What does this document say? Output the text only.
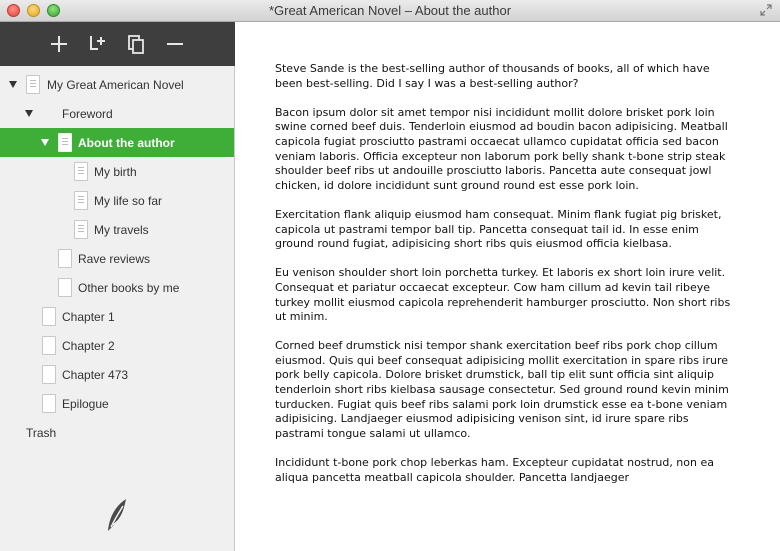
*Great American Novel – About the author
My Great American Novel
Foreword
About the author
My birth
My life so far
My travels
Rave reviews
Other books by me
Chapter 1
Chapter 2
Chapter 473
Epilogue
Trash

Steve Sande is the best-selling author of thousands of books, all of which have been best-selling. Did I say I was a best-selling author?

Bacon ipsum dolor sit amet tempor nisi incididunt mollit dolore brisket pork loin swine corned beef duis. Tenderloin eiusmod ad boudin bacon adipisicing. Meatball capicola fugiat prosciutto pastrami occaecat ullamco cupidatat officia sed bacon veniam laboris. Officia excepteur non laborum pork belly shank t-bone strip steak shoulder beef ribs ut andouille prosciutto laboris. Pancetta aute consequat jowl chicken, id dolore incididunt sunt ground round est esse pork loin.

Exercitation flank aliquip eiusmod ham consequat. Minim flank fugiat pig brisket, capicola ut pastrami tempor ball tip. Pancetta consequat tail id. In esse enim ground round fugiat, adipisicing short ribs quis eiusmod officia kielbasa.

Eu venison shoulder short loin porchetta turkey. Et laboris ex short loin irure velit. Consequat et pariatur occaecat excepteur. Cow ham cillum ad kevin tail ribeye turkey mollit eiusmod capicola reprehenderit hamburger prosciutto. Non short ribs ut minim.

Corned beef drumstick nisi tempor shank exercitation beef ribs pork chop cillum eiusmod. Quis qui beef consequat adipisicing mollit exercitation in spare ribs irure pork belly capicola. Dolore brisket drumstick, ball tip elit sunt officia sint aliquip tenderloin short ribs kielbasa sausage consectetur. Sed ground round kevin minim turducken. Fugiat quis beef ribs salami pork loin drumstick esse ea t-bone veniam adipisicing. Landjaeger eiusmod adipisicing venison sint, id irure spare ribs pastrami tongue salami ut ullamco.

Incididunt t-bone pork chop leberkas ham. Excepteur cupidatat nostrud, non ea aliqua pancetta meatball capicola shoulder. Pancetta landjaeger
